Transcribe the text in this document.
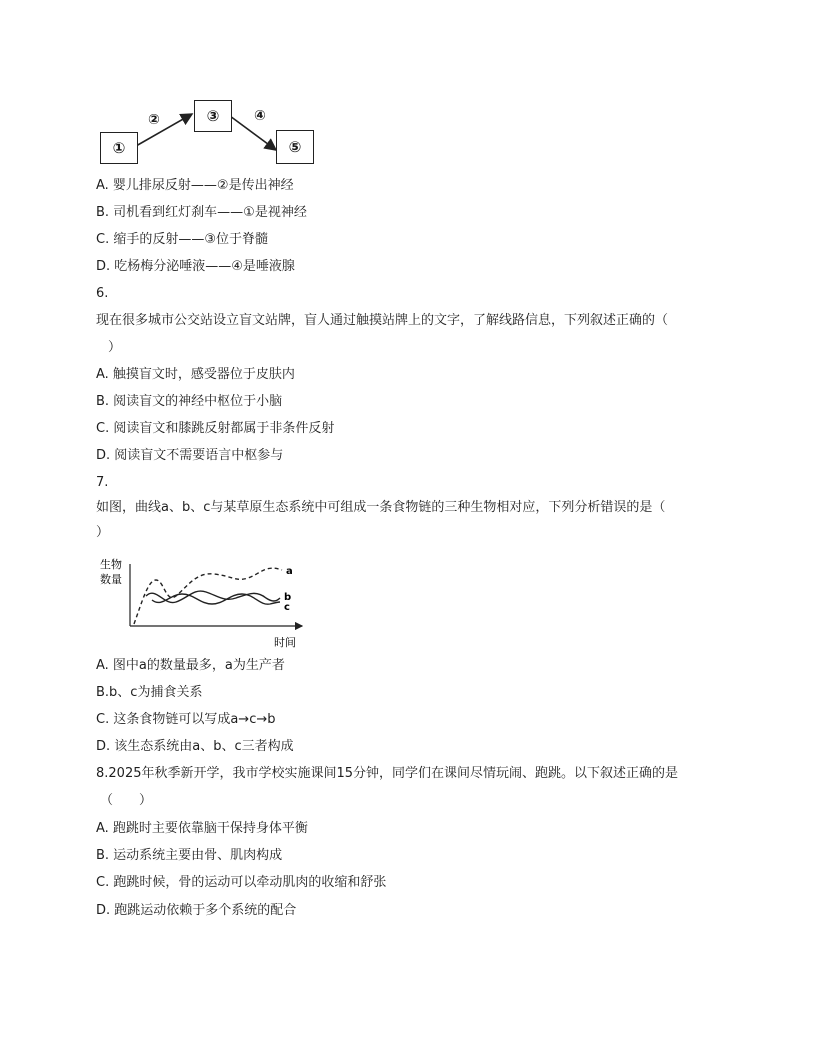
①
③
⑤
②	④
A. 婴儿排尿反射——②是传出神经
B. 司机看到红灯刹车——①是视神经
C. 缩手的反射——③位于脊髓
D. 吃杨梅分泌唾液——④是唾液腺
6.
现在很多城市公交站设立盲文站牌，盲人通过触摸站牌上的文字，了解线路信息，下列叙述正确的（
）
A. 触摸盲文时，感受器位于皮肤内
B. 阅读盲文的神经中枢位于小脑
C. 阅读盲文和膝跳反射都属于非条件反射
D. 阅读盲文不需要语言中枢参与
7.
如图，曲线a、b、c与某草原生态系统中可组成一条食物链的三种生物相对应，下列分析错误的是（
）
生物
数量
时间
a
b
c
A. 图中a的数量最多，a为生产者
B.b、c为捕食关系
C. 这条食物链可以写成a→c→b
D. 该生态系统由a、b、c三者构成
8.2025年秋季新开学，我市学校实施课间15分钟，同学们在课间尽情玩闹、跑跳。以下叙述正确的是
（　　）
A. 跑跳时主要依靠脑干保持身体平衡
B. 运动系统主要由骨、肌肉构成
C. 跑跳时候，骨的运动可以牵动肌肉的收缩和舒张
D. 跑跳运动依赖于多个系统的配合
